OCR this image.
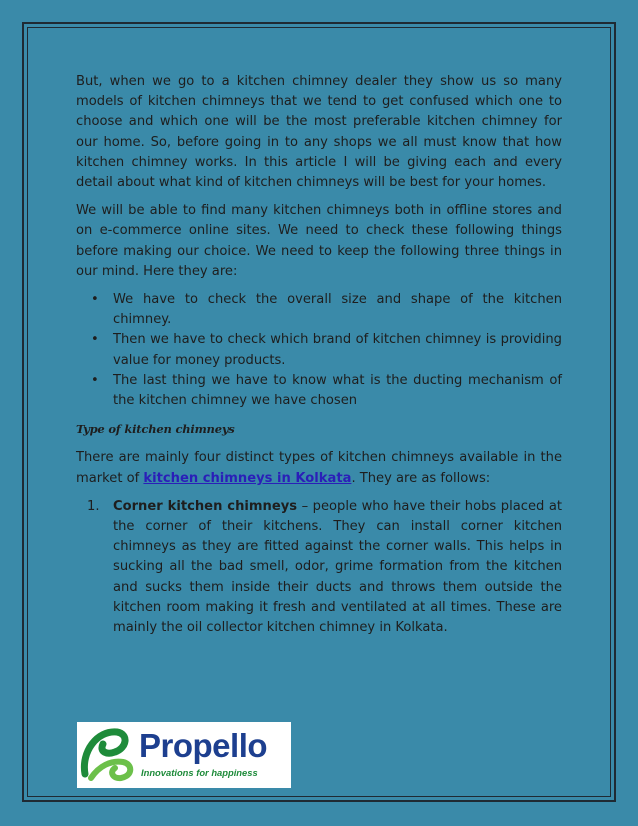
But, when we go to a kitchen chimney dealer they show us so many models of kitchen chimneys that we tend to get confused which one to choose and which one will be the most preferable kitchen chimney for our home. So, before going in to any shops we all must know that how kitchen chimney works. In this article I will be giving each and every detail about what kind of kitchen chimneys will be best for your homes.

We will be able to find many kitchen chimneys both in offline stores and on e-commerce online sites. We need to check these following things before making our choice. We need to keep the following three things in our mind. Here they are:

• We have to check the overall size and shape of the kitchen chimney.
• Then we have to check which brand of kitchen chimney is providing value for money products.
• The last thing we have to know what is the ducting mechanism of the kitchen chimney we have chosen
Type of kitchen chimneys

There are mainly four distinct types of kitchen chimneys available in the market of kitchen chimneys in Kolkata. They are as follows:

1. Corner kitchen chimneys – people who have their hobs placed at the corner of their kitchens. They can install corner kitchen chimneys as they are fitted against the corner walls. This helps in sucking all the bad smell, odor, grime formation from the kitchen and sucks them inside their ducts and throws them outside the kitchen room making it fresh and ventilated at all times. These are mainly the oil collector kitchen chimney in Kolkata.
Propello
Innovations for happiness
